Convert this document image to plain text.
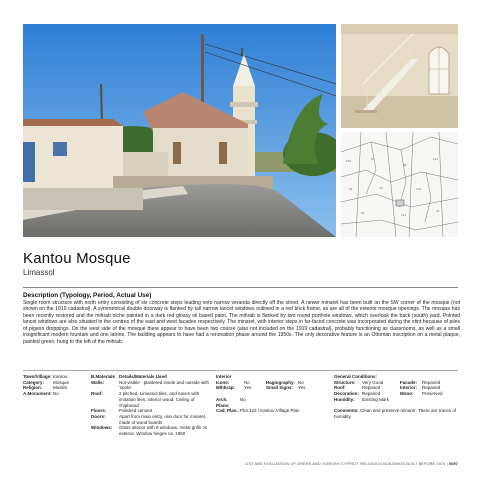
103	87
95
121
64	78	110
52	123
41
Kantou Mosque
Limassol
Description (Typology, Period, Actual Use)
Single room structure with north entry consisting of six concrete steps leading onto narrow veranda directly off the street. A newer minaret has been built on the SW corner of the mosque (not shown on the 1919 cadastral). A symmetrical double doorway is flanked by tall narrow lancet windows outlined in a red brick frame, as are all of the exterior mosque openings. The mosque has been recently restored and the mihrab niche painted in a dark red glossy oil based paint. The mihrab is flanked by two round porthole windows, which overlook the back (south) yard. Pointed lancet windows are also situated in the centres of the east and west facades respectively. The minaret, with interior steps in far-faced concrete was incorporated during the stint because of piles of pigeon droppings. On the west side of the mosque there appear to have been two course (also not included on the 1919 cadastral), probably functioning as classrooms, as well as a small insignificant modern fountain and one latrine. The building appears to have had a renovation phase around the 1950s. The only decorative feature is an Ottoman inscription on a metal plaque, painted green, hung to the left of the mihrab.
Town/Village: Kantou
Category:	Mosque
Religion:	Muslim
A.Monument: No
B.Materials Details/Materials Used
Walls:	Not visible - plastered inside and outside with 'sprite'
Roof:	2 pitched, Limassol tiles, and eaves with imitation tiles, interior wood. Ceiling of chipboard
Floors:	Polished cement
Doors:	Apart from main entry, one door for minaret, made of wood boards
Windows:	Glass interior with 9 windows, metal grills on exterior. Window hinges ca. 1960
Interior
Icons:	No
Mihbrap:	Yes
Hagiography: No
Small Signs:	Yes
Arch. Plans:
No
Cad. Plan.: Plot 123 / Kantou Village Plan
General Conditions:
Structure:	Very Good
Roof:	Repaired
Decoration: Repaired
Humidity:	Existing Mark
Facade:	Repaired
Interior:	Repaired
Mono:	Preserved
Comments: Clean and preserve minaret. There are traces of humidity.
LIST AND EVALUATION OF GREEK AND TURKISH CYPRIOT RELIGIOUS BUILDINGS BUILT BEFORE 1974 | 0097
